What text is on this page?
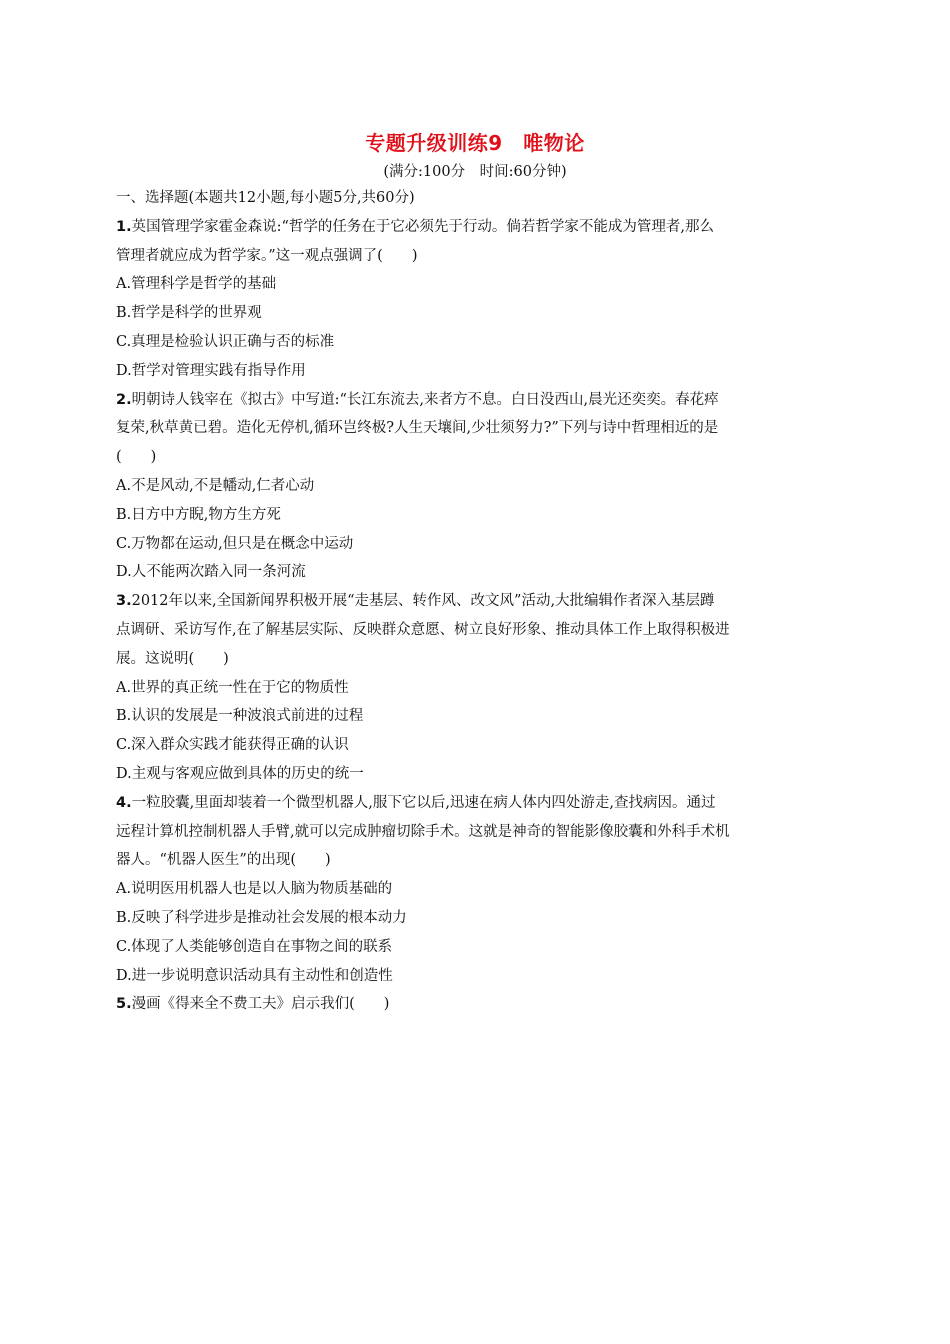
专题升级训练9　唯物论
(满分:100分　时间:60分钟)
一、选择题(本题共12小题,每小题5分,共60分)
1.英国管理学家霍金森说:“哲学的任务在于它必须先于行动。倘若哲学家不能成为管理者,那么
管理者就应成为哲学家。”这一观点强调了(　　)
A.管理科学是哲学的基础
B.哲学是科学的世界观
C.真理是检验认识正确与否的标准
D.哲学对管理实践有指导作用
2.明朝诗人钱宰在《拟古》中写道:“长江东流去,来者方不息。白日没西山,晨光还奕奕。春花瘁
复荣,秋草黄已碧。造化无停机,循环岂终极?人生天壤间,少壮须努力?”下列与诗中哲理相近的是
(　　)
A.不是风动,不是幡动,仁者心动
B.日方中方睨,物方生方死
C.万物都在运动,但只是在概念中运动
D.人不能两次踏入同一条河流
3.2012年以来,全国新闻界积极开展“走基层、转作风、改文风”活动,大批编辑作者深入基层蹲
点调研、采访写作,在了解基层实际、反映群众意愿、树立良好形象、推动具体工作上取得积极进
展。这说明(　　)
A.世界的真正统一性在于它的物质性
B.认识的发展是一种波浪式前进的过程
C.深入群众实践才能获得正确的认识
D.主观与客观应做到具体的历史的统一
4.一粒胶囊,里面却装着一个微型机器人,服下它以后,迅速在病人体内四处游走,查找病因。通过
远程计算机控制机器人手臂,就可以完成肿瘤切除手术。这就是神奇的智能影像胶囊和外科手术机
器人。“机器人医生”的出现(　　)
A.说明医用机器人也是以人脑为物质基础的
B.反映了科学进步是推动社会发展的根本动力
C.体现了人类能够创造自在事物之间的联系
D.进一步说明意识活动具有主动性和创造性
5.漫画《得来全不费工夫》启示我们(　　)
